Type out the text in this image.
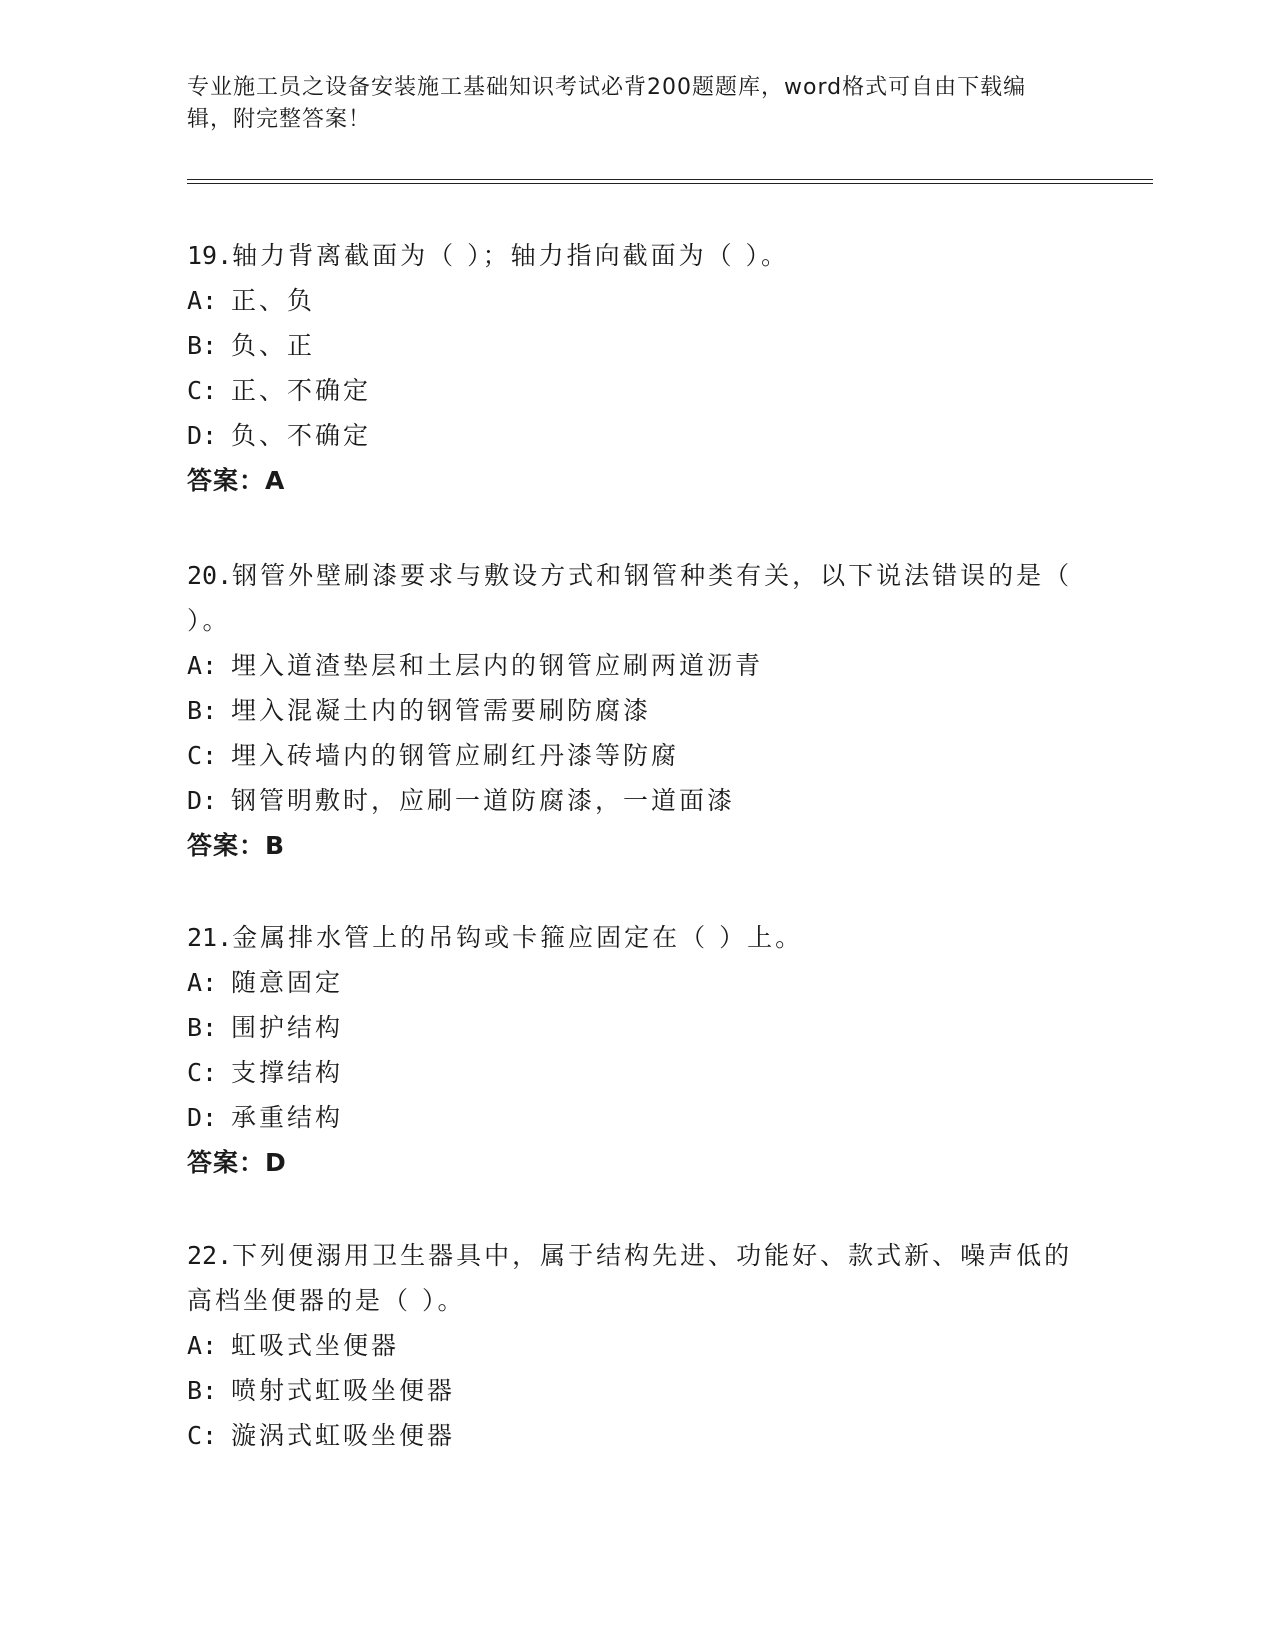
专业施工员之设备安装施工基础知识考试必背200题题库，word格式可自由下载编辑，附完整答案！

19.轴力背离截面为（ ）；轴力指向截面为（ ）。

A: 正、负

B: 负、正

C: 正、不确定

D: 负、不确定

答案：A

20.钢管外壁刷漆要求与敷设方式和钢管种类有关，以下说法错误的是（ ）。

A: 埋入道渣垫层和土层内的钢管应刷两道沥青

B: 埋入混凝土内的钢管需要刷防腐漆

C: 埋入砖墙内的钢管应刷红丹漆等防腐

D: 钢管明敷时，应刷一道防腐漆，一道面漆

答案：B

21.金属排水管上的吊钩或卡箍应固定在（ ）上。

A: 随意固定

B: 围护结构

C: 支撑结构

D: 承重结构

答案：D

22.下列便溺用卫生器具中，属于结构先进、功能好、款式新、噪声低的高档坐便器的是（ ）。

A: 虹吸式坐便器

B: 喷射式虹吸坐便器

C: 漩涡式虹吸坐便器
